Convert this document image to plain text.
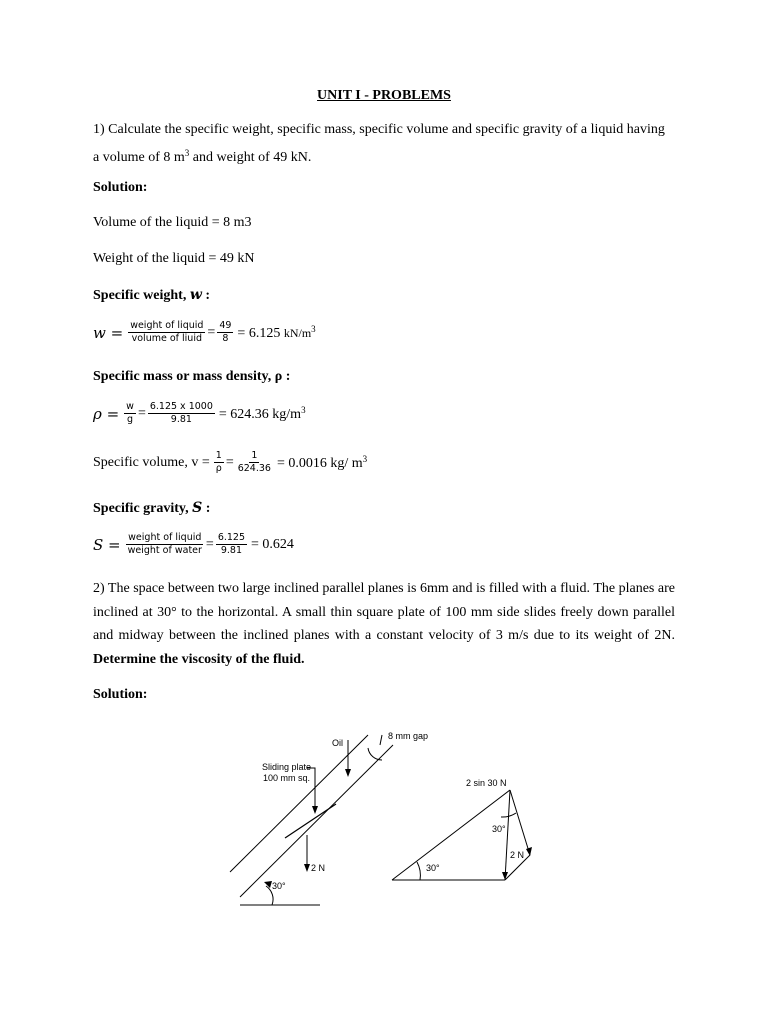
UNIT I - PROBLEMS
1) Calculate the specific weight, specific mass, specific volume and specific gravity of a liquid having
a volume of 8 $m^3$ and weight of 49 kN.
Solution:
Volume of the liquid = 8 m3
Weight of the liquid = 49 kN
Specific weight, w :
$w = \frac{\text{weight of liquid}}{\text{volume of liuid}} = \frac{49}{8} = 6.125$ $kN/m^3$
Specific mass or mass density, ρ :
$\rho = \frac{w}{g} = \frac{6.125 x 1000}{9.81} = 624.36$ $kg/m^3$
Specific volume, $v = \frac{1}{\rho} = \frac{1}{624.36} = 0.0016$ kg/ $m^3$
Specific gravity, S :
$S = \frac{\text{weight of liquid}}{\text{weight of water}} = \frac{6.125}{9.81} = 0.624$
2) The space between two large inclined parallel planes is 6mm and is filled with a fluid. The planes are inclined at 30° to the horizontal. A small thin square plate of 100 mm side slides freely down parallel and midway between the inclined planes with a constant velocity of 3 m/s due to its weight of 2N. Determine the viscosity of the fluid.
Solution:
Oil
8 mm gap
Sliding plate
100 mm sq.
2 N
30°
2 sin 30 N
30°
2 N
30°
